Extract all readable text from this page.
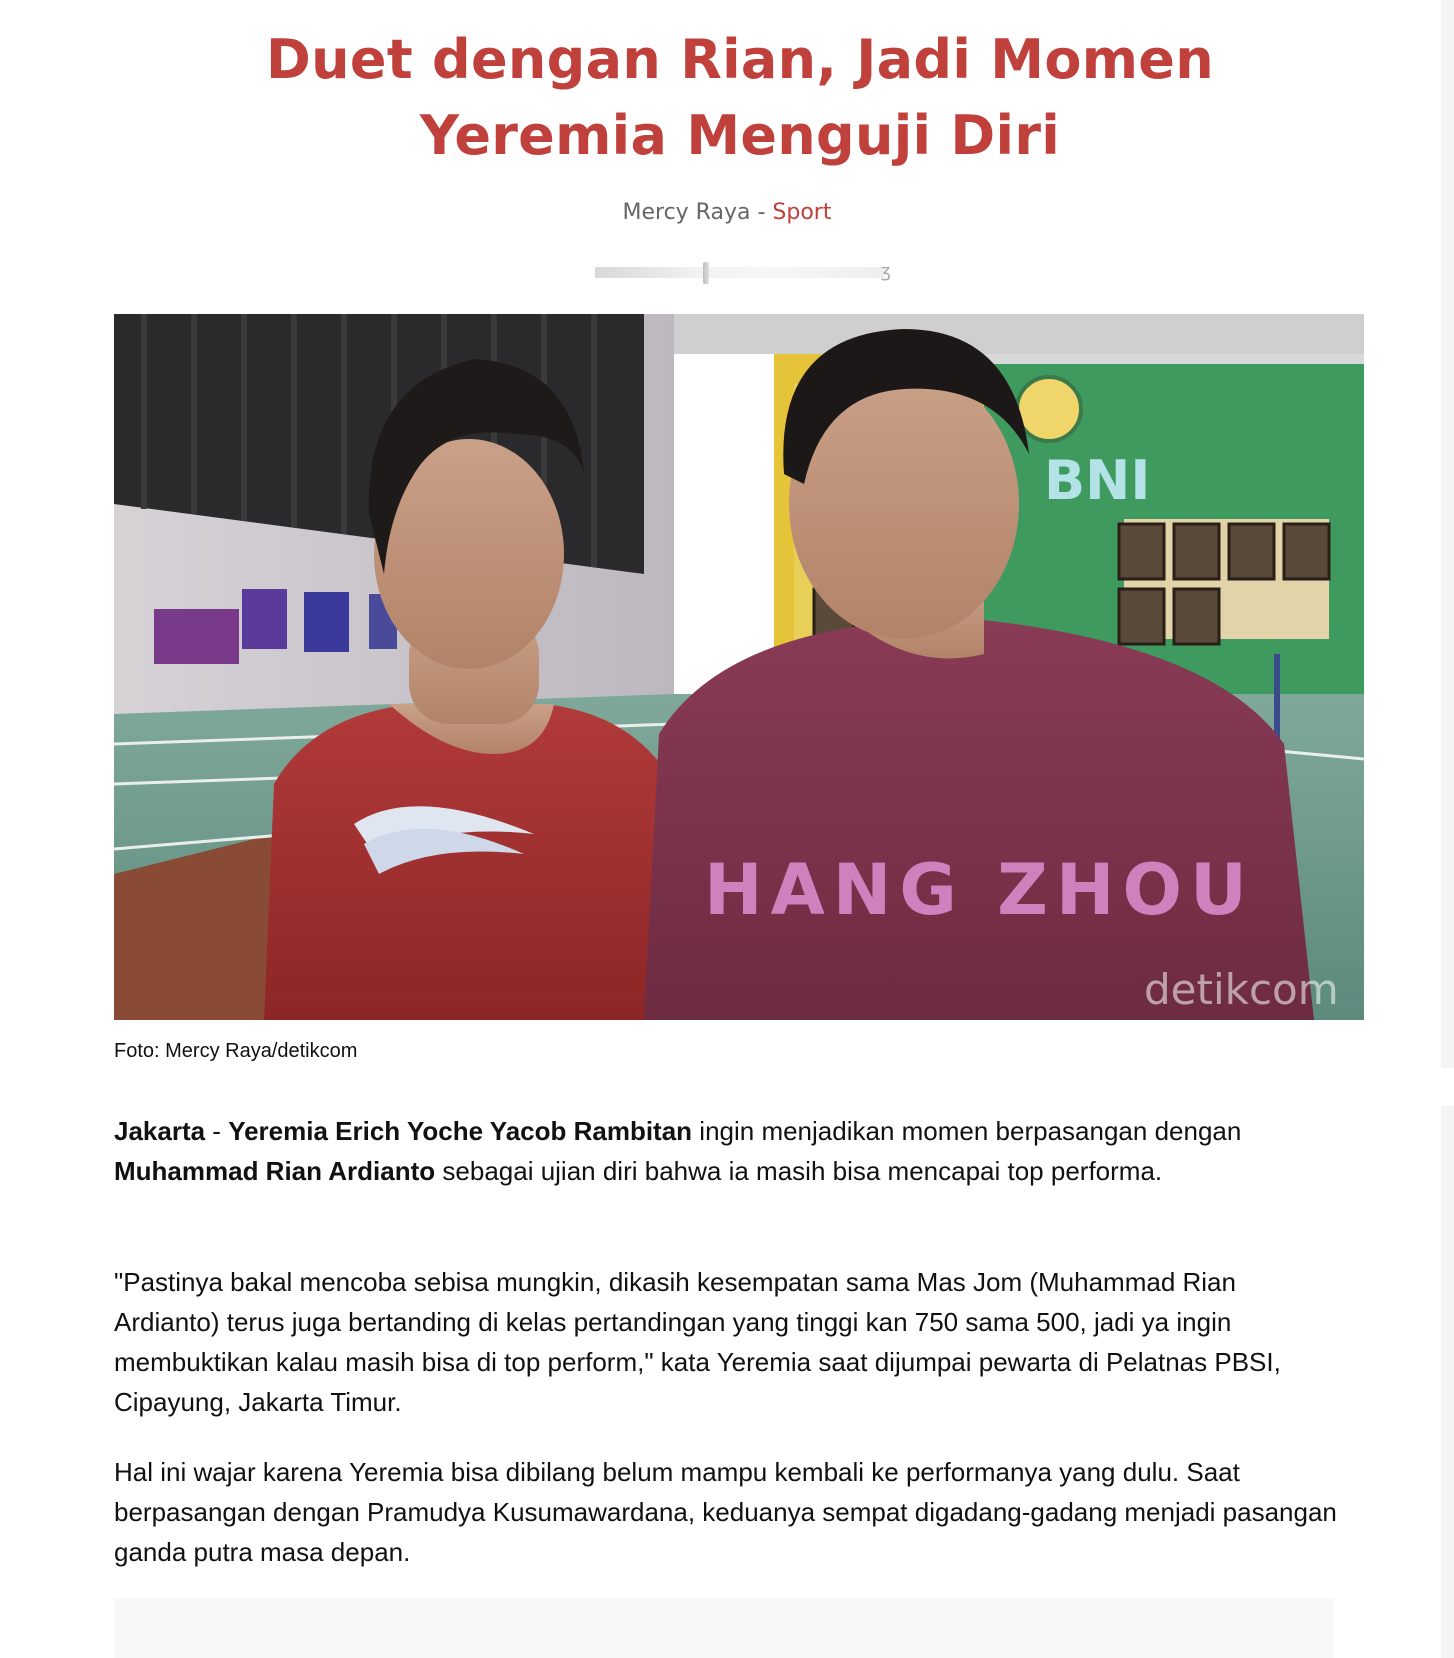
Duet dengan Rian, Jadi Momen Yeremia Menguji Diri
Mercy Raya - Sport
ʒ
BNI
HANG ZHOU
detikcom
Foto: Mercy Raya/detikcom

Jakarta - Yeremia Erich Yoche Yacob Rambitan ingin menjadikan momen berpasangan dengan Muhammad Rian Ardianto sebagai ujian diri bahwa ia masih bisa mencapai top performa.

"Pastinya bakal mencoba sebisa mungkin, dikasih kesempatan sama Mas Jom (Muhammad Rian Ardianto) terus juga bertanding di kelas pertandingan yang tinggi kan 750 sama 500, jadi ya ingin membuktikan kalau masih bisa di top perform," kata Yeremia saat dijumpai pewarta di Pelatnas PBSI, Cipayung, Jakarta Timur.

Hal ini wajar karena Yeremia bisa dibilang belum mampu kembali ke performanya yang dulu. Saat berpasangan dengan Pramudya Kusumawardana, keduanya sempat digadang-gadang menjadi pasangan ganda putra masa depan.
